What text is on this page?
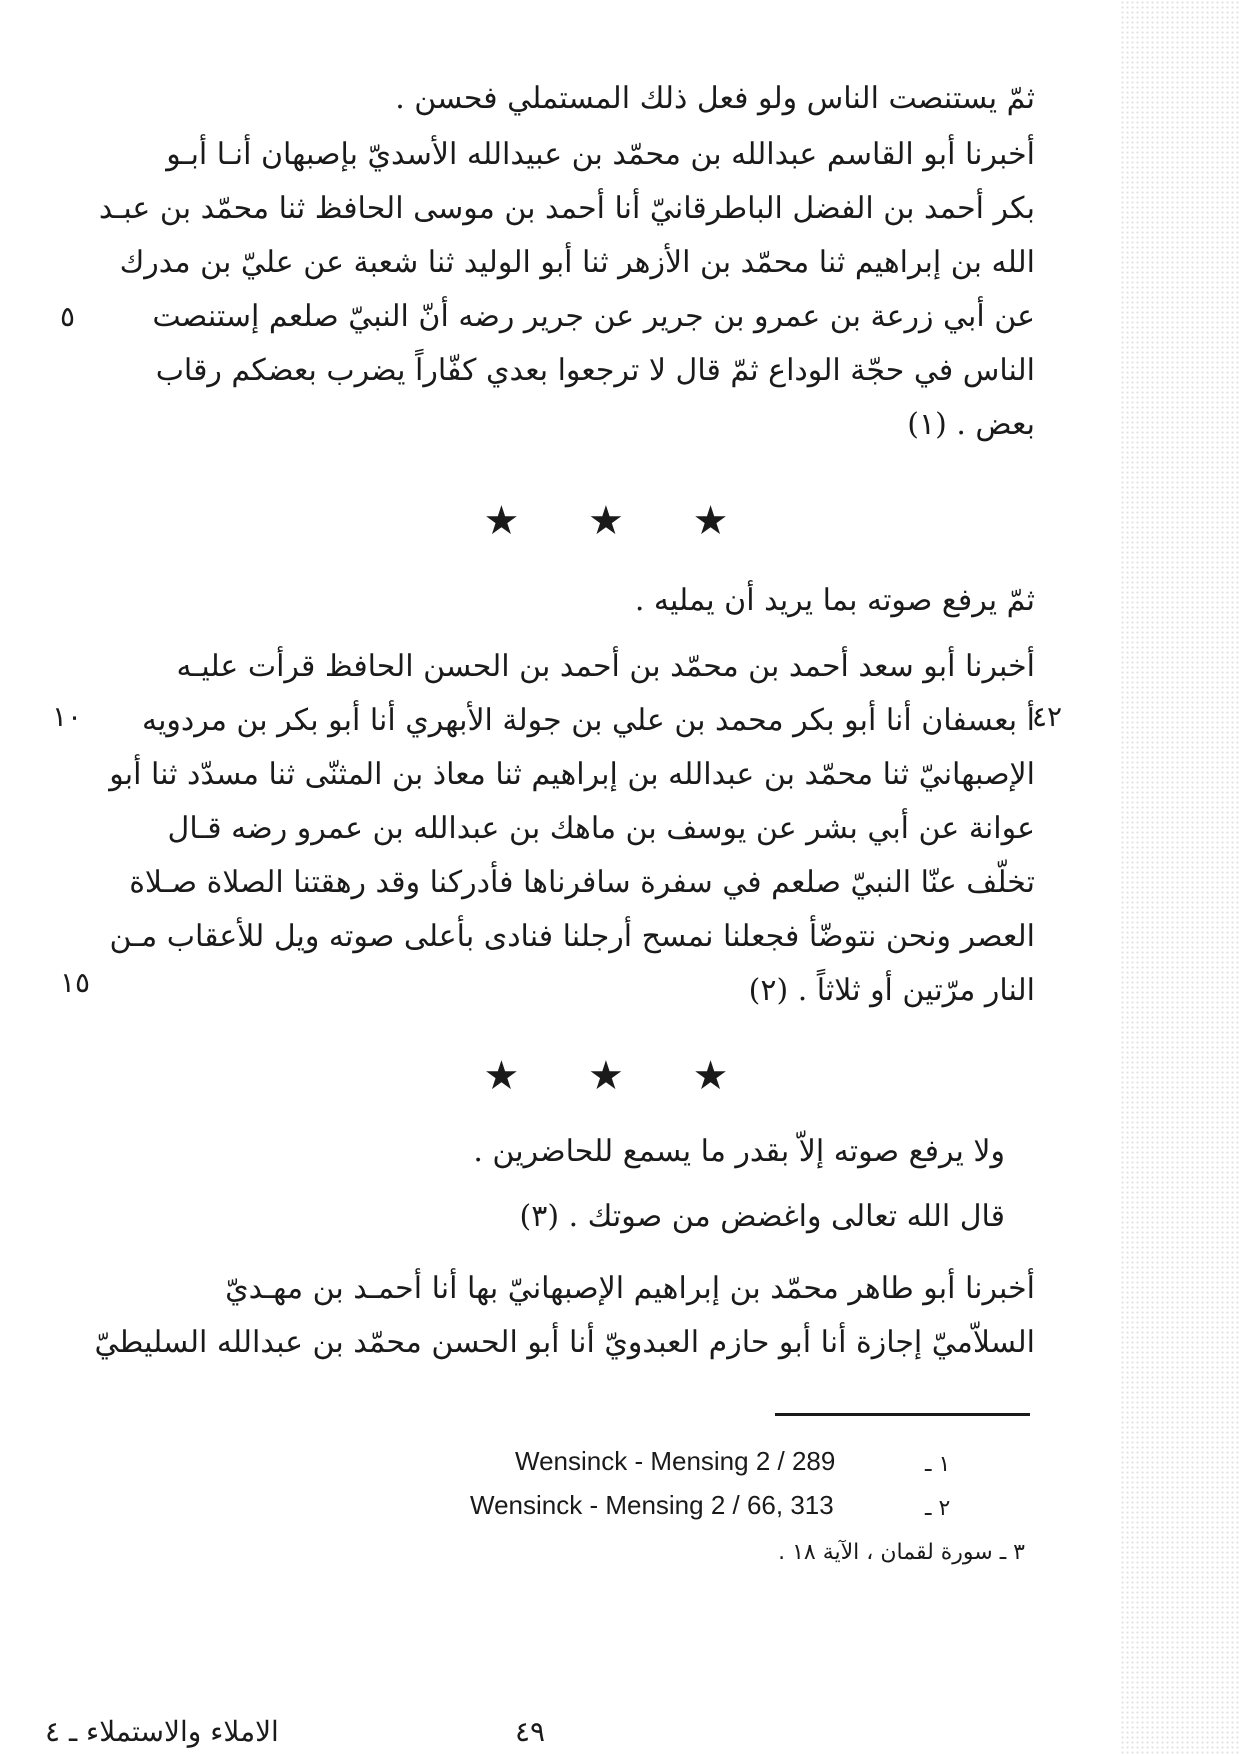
ثمّ يستنصت الناس ولو فعل ذلك المستملي فحسن .
أخبرنا أبو القاسم عبدالله بن محمّد بن عبيدالله الأسديّ بإصبهان أنـا أبـو
بكر أحمد بن الفضل الباطرقانيّ أنا أحمد بن موسى الحافظ ثنا محمّد بن عبـد
الله بن إبراهيم ثنا محمّد بن الأزهر ثنا أبو الوليد ثنا شعبة عن عليّ بن مدرك
عن أبي زرعة بن عمرو بن جرير عن جرير رضه أنّ النبيّ صلعم إستنصت
الناس في حجّة الوداع ثمّ قال لا ترجعوا بعدي كفّاراً يضرب بعضكم رقاب
بعض . (١)
٥
★ ★ ★
ثمّ يرفع صوته بما يريد أن يمليه .
أخبرنا أبو سعد أحمد بن محمّد بن أحمد بن الحسن الحافظ قرأت عليـه
أ بعسفان أنا أبو بكر محمد بن علي بن جولة الأبهري أنا أبو بكر بن مردويه
الإصبهانيّ ثنا محمّد بن عبدالله بن إبراهيم ثنا معاذ بن المثنّى ثنا مسدّد ثنا أبو
عوانة عن أبي بشر عن يوسف بن ماهك بن عبدالله بن عمرو رضه قـال
تخلّف عنّا النبيّ صلعم في سفرة سافرناها فأدركنا وقد رهقتنا الصلاة صـلاة
العصر ونحن نتوضّأ فجعلنا نمسح أرجلنا فنادى بأعلى صوته ويل للأعقاب مـن
النار مرّتين أو ثلاثاً . (٢)
٤٢
١٠
١٥
★ ★ ★
ولا يرفع صوته إلاّ بقدر ما يسمع للحاضرين .
قال الله تعالى واغضض من صوتك . (٣)
أخبرنا أبو طاهر محمّد بن إبراهيم الإصبهانيّ بها أنا أحمـد بن مهـديّ
السلاّميّ إجازة أنا أبو حازم العبدويّ أنا أبو الحسن محمّد بن عبدالله السليطيّ
Wensinck - Mensing 2 / 289	١ ـ
Wensinck - Mensing 2 / 66, 313	٢ ـ
٣ ـ سورة لقمان ، الآية ١٨ .
٤٩
الاملاء والاستملاء ـ ٤
